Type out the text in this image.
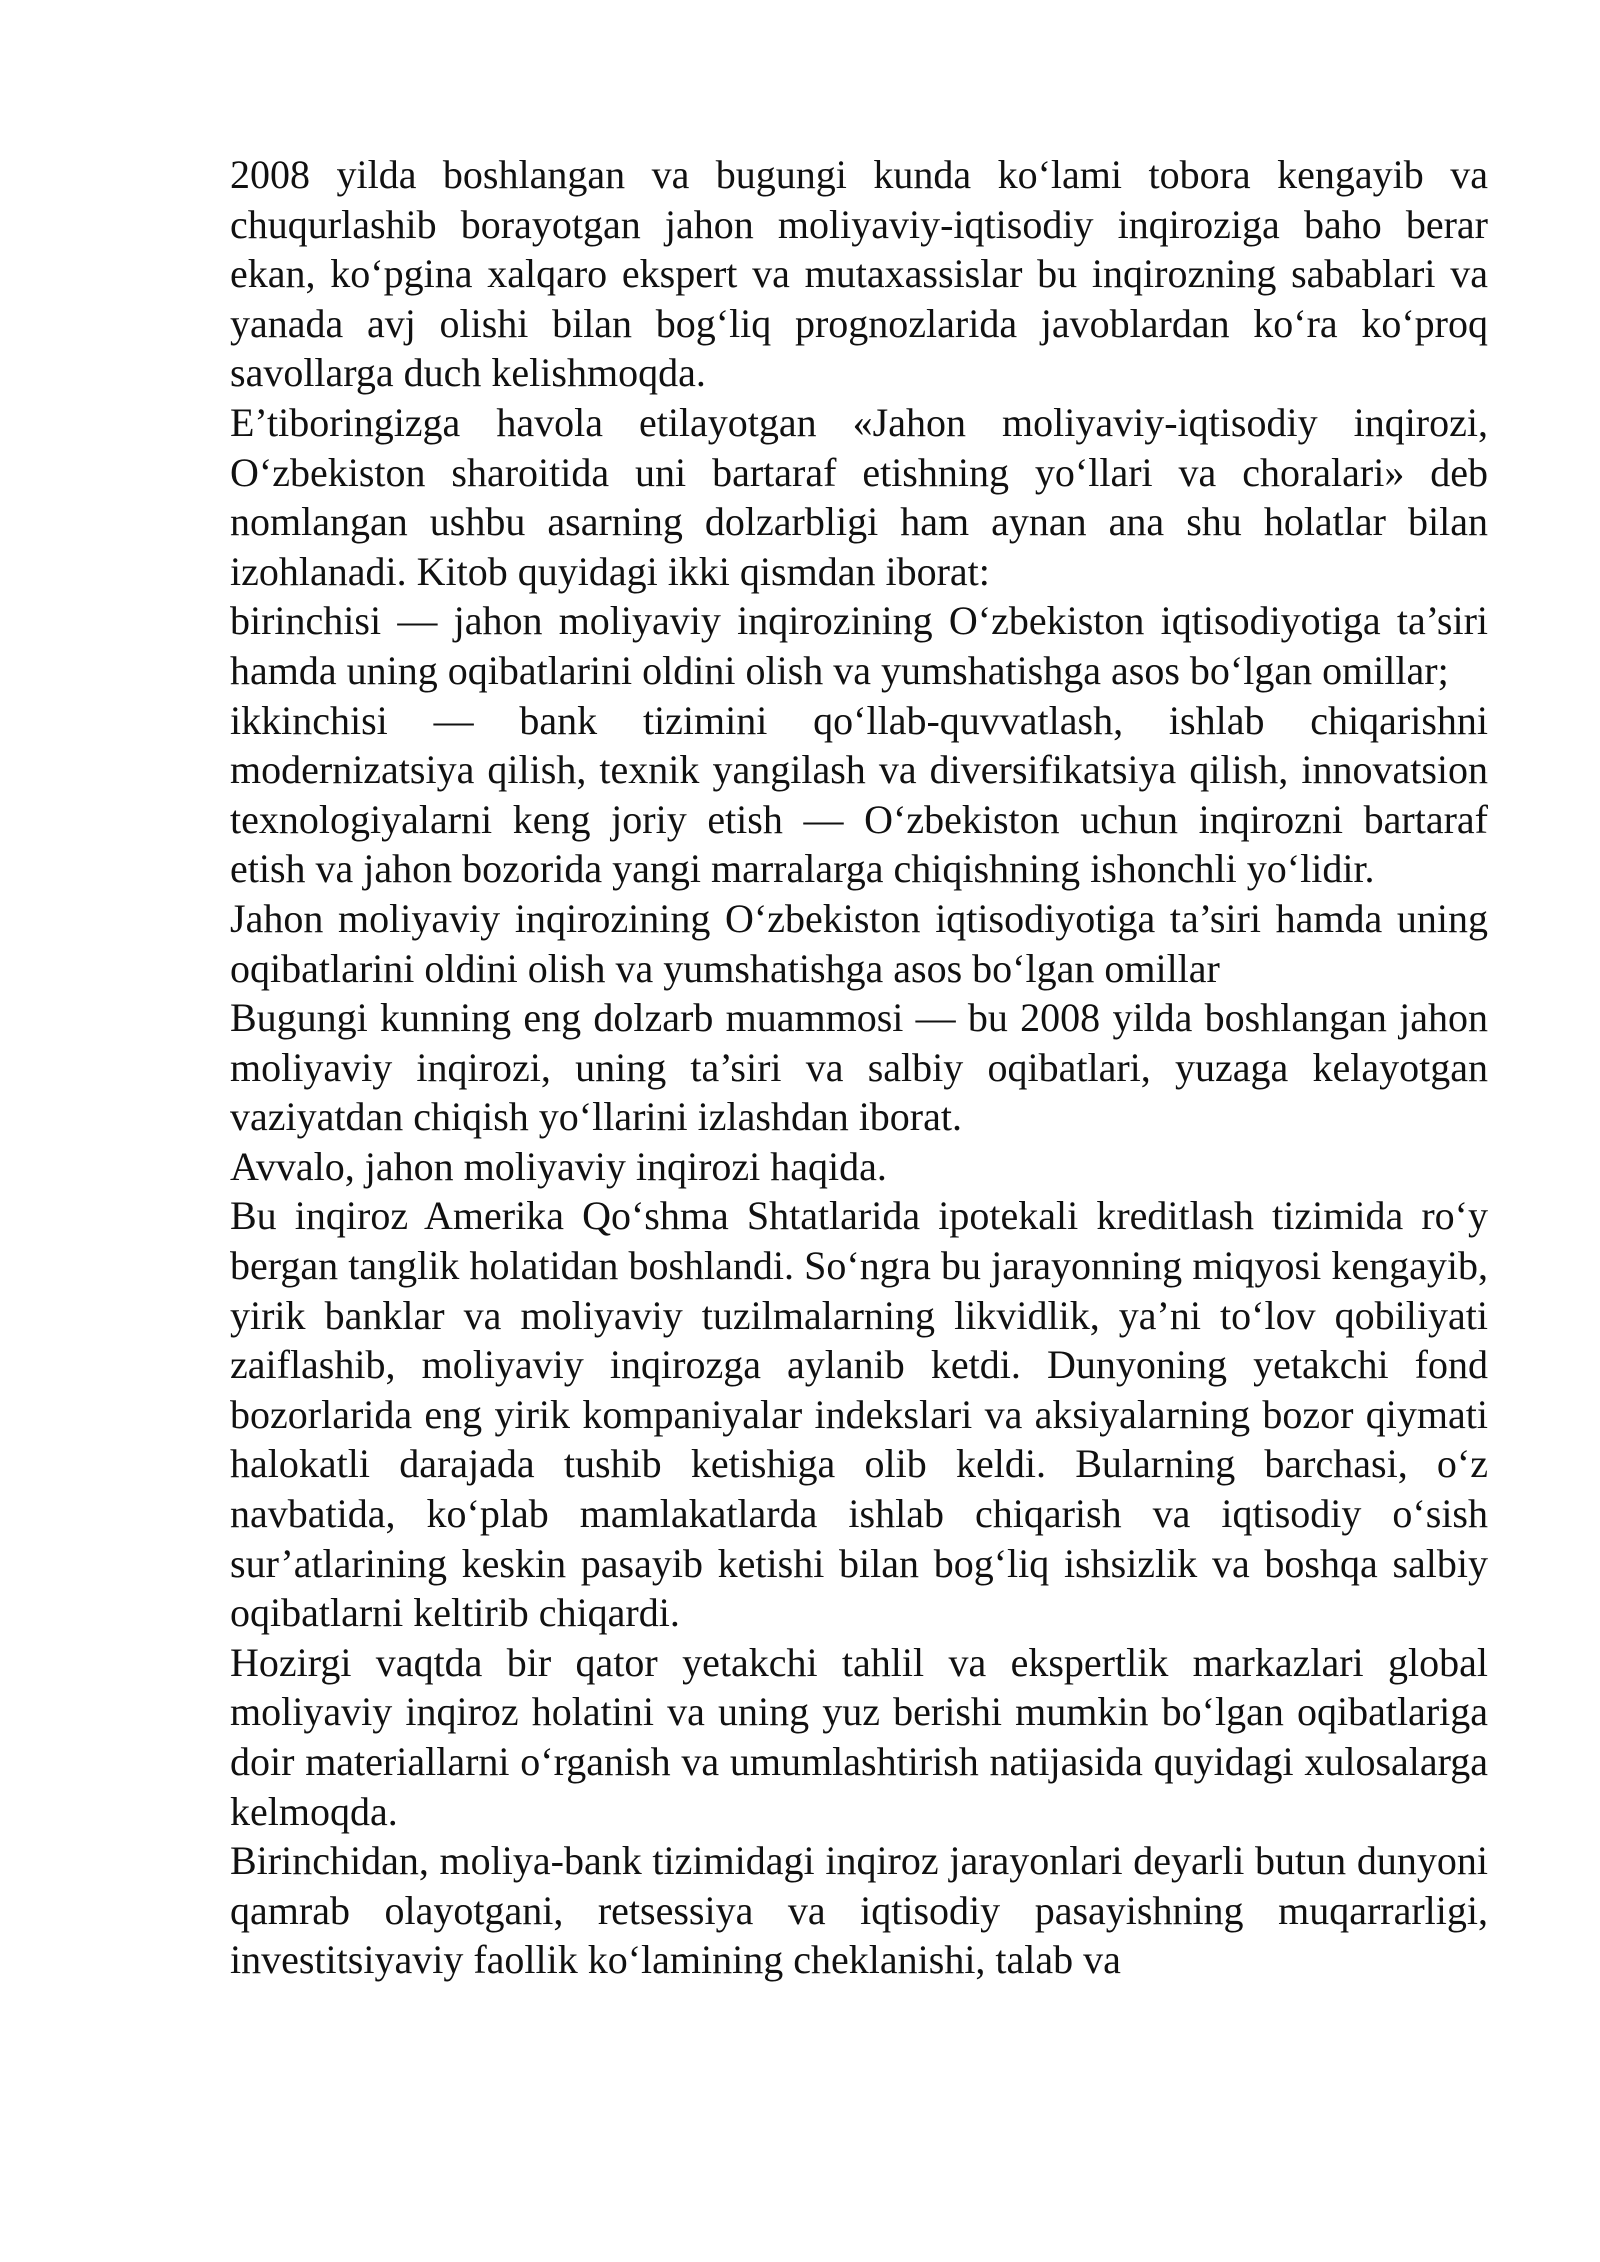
2008 yilda boshlangan va bugungi kunda ko‘lami tobora kengayib va chuqurlashib borayotgan jahon moliyaviy-iqtisodiy inqiroziga baho berar ekan, ko‘pgina xalqaro ekspert va mutaxassislar bu inqirozning sabablari va yanada avj olishi bilan bog‘liq prognozlarida javoblardan ko‘ra ko‘proq savollarga duch kelishmoqda.

E’tiboringizga havola etilayotgan «Jahon moliyaviy-iqtisodiy inqirozi, O‘zbekiston sharoitida uni bartaraf etishning yo‘llari va choralari» deb nomlangan ushbu asarning dolzarbligi ham aynan ana shu holatlar bilan izohlanadi. Kitob quyidagi ikki qismdan iborat:

birinchisi — jahon moliyaviy inqirozining O‘zbekiston iqtisodiyotiga ta’siri hamda uning oqibatlarini oldini olish va yumshatishga asos bo‘lgan omillar;

ikkinchisi — bank tizimini qo‘llab-quvvatlash, ishlab chiqarishni modernizatsiya qilish, texnik yangilash va diversifikatsiya qilish, innovatsion texnologiyalarni keng joriy etish — O‘zbekiston uchun inqirozni bartaraf etish va jahon bozorida yangi marralarga chiqishning ishonchli yo‘lidir.

Jahon moliyaviy inqirozining O‘zbekiston iqtisodiyotiga ta’siri hamda uning oqibatlarini oldini olish va yumshatishga asos bo‘lgan omillar

Bugungi kunning eng dolzarb muammosi — bu 2008 yilda boshlangan jahon moliyaviy inqirozi, uning ta’siri va salbiy oqibatlari, yuzaga kelayotgan vaziyatdan chiqish yo‘llarini izlashdan iborat.

Avvalo, jahon moliyaviy inqirozi haqida.

Bu inqiroz Amerika Qo‘shma Shtatlarida ipotekali kreditlash tizimida ro‘y bergan tanglik holatidan boshlandi. So‘ngra bu jarayonning miqyosi kengayib, yirik banklar va moliyaviy tuzilmalarning likvidlik, ya’ni to‘lov qobiliyati zaiflashib, moliyaviy inqirozga aylanib ketdi. Dunyoning yetakchi fond bozorlarida eng yirik kompaniyalar indekslari va aksiyalarning bozor qiymati halokatli darajada tushib ketishiga olib keldi. Bularning barchasi, o‘z navbatida, ko‘plab mamlakatlarda ishlab chiqarish va iqtisodiy o‘sish sur’atlarining keskin pasayib ketishi bilan bog‘liq ishsizlik va boshqa salbiy oqibatlarni keltirib chiqardi.

Hozirgi vaqtda bir qator yetakchi tahlil va ekspertlik markazlari global moliyaviy inqiroz holatini va uning yuz berishi mumkin bo‘lgan oqibatlariga doir materiallarni o‘rganish va umumlashtirish natijasida quyidagi xulosalarga kelmoqda.

Birinchidan, moliya-bank tizimidagi inqiroz jarayonlari deyarli butun dunyoni qamrab olayotgani, retsessiya va iqtisodiy pasayishning muqarrarligi, investitsiyaviy faollik ko‘lamining cheklanishi, talab va
